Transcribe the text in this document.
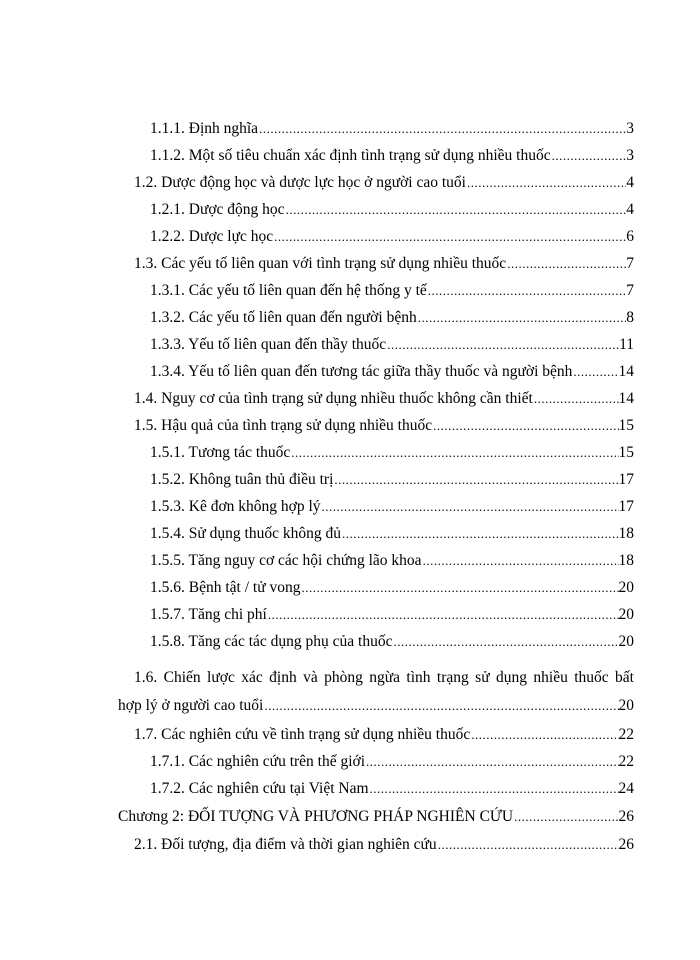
1.1.1. Định nghĩa .....	3
1.1.2. Một số tiêu chuẩn xác định tình trạng sử dụng nhiều thuốc .....	3
1.2. Dược động học và dược lực học ở người cao tuổi .....	4
1.2.1. Dược động học .....	4
1.2.2. Dược lực học .....	6
1.3. Các yếu tố liên quan với tình trạng sử dụng nhiều thuốc .....	7
1.3.1. Các yếu tố liên quan đến hệ thống y tế .....	7
1.3.2. Các yếu tố liên quan đến người bệnh .....	8
1.3.3. Yếu tố liên quan đến thầy thuốc .....	11
1.3.4. Yếu tố liên quan đến tương tác giữa thầy thuốc và người bệnh .....	14
1.4. Nguy cơ của tình trạng sử dụng nhiều thuốc không cần thiết .....	14
1.5. Hậu quả của tình trạng sử dụng nhiều thuốc .....	15
1.5.1. Tương tác thuốc .....	15
1.5.2. Không tuân thủ điều trị .....	17
1.5.3. Kê đơn không hợp lý .....	17
1.5.4. Sử dụng thuốc không đủ .....	18
1.5.5. Tăng nguy cơ các hội chứng lão khoa .....	18
1.5.6. Bệnh tật / tử vong .....	20
1.5.7. Tăng chi phí .....	20
1.5.8. Tăng các tác dụng phụ của thuốc .....	20
1.6. Chiến lược xác định và phòng ngừa tình trạng sử dụng nhiều thuốc bất
hợp lý ở người cao tuổi .....	20
1.7. Các nghiên cứu về tình trạng sử dụng nhiều thuốc .....	22
1.7.1. Các nghiên cứu trên thế giới .....	22
1.7.2. Các nghiên cứu tại Việt Nam .....	24
Chương 2: ĐỐI TƯỢNG VÀ PHƯƠNG PHÁP NGHIÊN CỨU .....	26
2.1. Đối tượng, địa điểm và thời gian nghiên cứu .....	26
